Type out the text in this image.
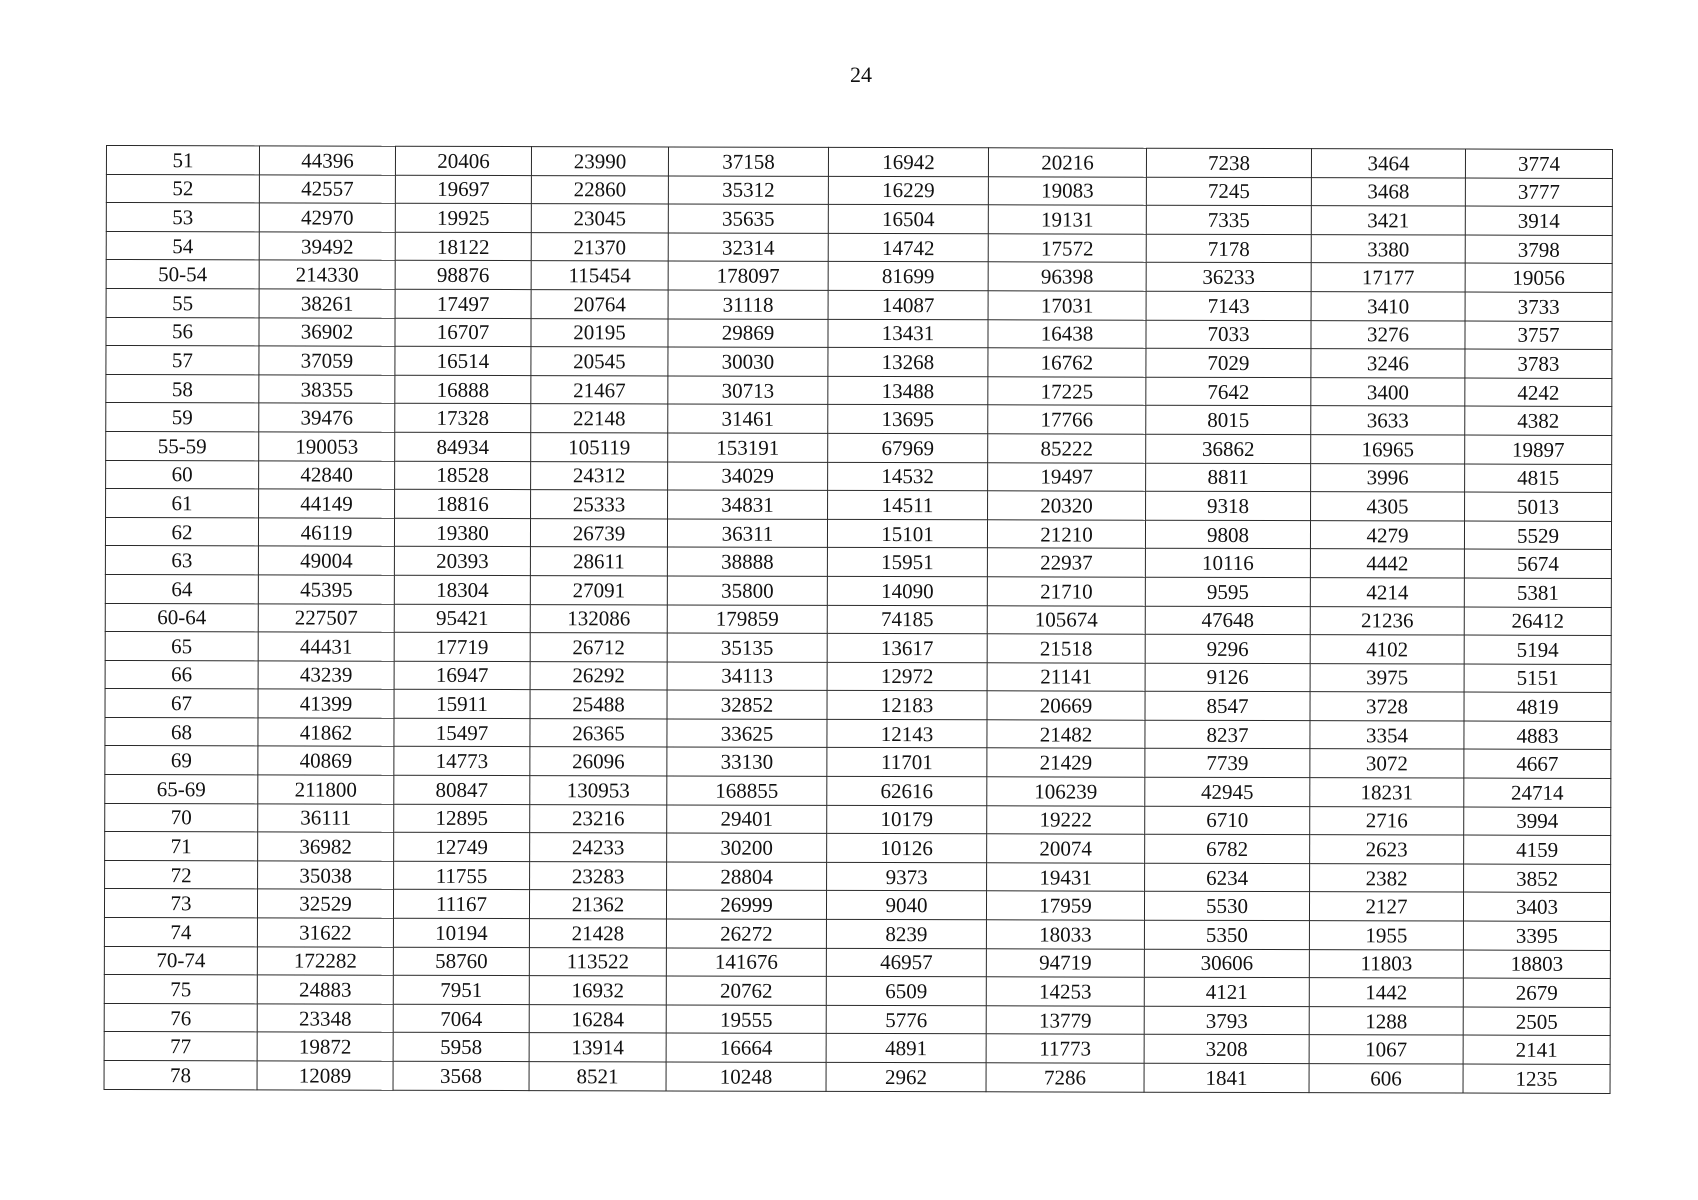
24
51	44396	20406	23990	37158	16942	20216	7238	3464	3774
52	42557	19697	22860	35312	16229	19083	7245	3468	3777
53	42970	19925	23045	35635	16504	19131	7335	3421	3914
54	39492	18122	21370	32314	14742	17572	7178	3380	3798
50-54	214330	98876	115454	178097	81699	96398	36233	17177	19056
55	38261	17497	20764	31118	14087	17031	7143	3410	3733
56	36902	16707	20195	29869	13431	16438	7033	3276	3757
57	37059	16514	20545	30030	13268	16762	7029	3246	3783
58	38355	16888	21467	30713	13488	17225	7642	3400	4242
59	39476	17328	22148	31461	13695	17766	8015	3633	4382
55-59	190053	84934	105119	153191	67969	85222	36862	16965	19897
60	42840	18528	24312	34029	14532	19497	8811	3996	4815
61	44149	18816	25333	34831	14511	20320	9318	4305	5013
62	46119	19380	26739	36311	15101	21210	9808	4279	5529
63	49004	20393	28611	38888	15951	22937	10116	4442	5674
64	45395	18304	27091	35800	14090	21710	9595	4214	5381
60-64	227507	95421	132086	179859	74185	105674	47648	21236	26412
65	44431	17719	26712	35135	13617	21518	9296	4102	5194
66	43239	16947	26292	34113	12972	21141	9126	3975	5151
67	41399	15911	25488	32852	12183	20669	8547	3728	4819
68	41862	15497	26365	33625	12143	21482	8237	3354	4883
69	40869	14773	26096	33130	11701	21429	7739	3072	4667
65-69	211800	80847	130953	168855	62616	106239	42945	18231	24714
70	36111	12895	23216	29401	10179	19222	6710	2716	3994
71	36982	12749	24233	30200	10126	20074	6782	2623	4159
72	35038	11755	23283	28804	9373	19431	6234	2382	3852
73	32529	11167	21362	26999	9040	17959	5530	2127	3403
74	31622	10194	21428	26272	8239	18033	5350	1955	3395
70-74	172282	58760	113522	141676	46957	94719	30606	11803	18803
75	24883	7951	16932	20762	6509	14253	4121	1442	2679
76	23348	7064	16284	19555	5776	13779	3793	1288	2505
77	19872	5958	13914	16664	4891	11773	3208	1067	2141
78	12089	3568	8521	10248	2962	7286	1841	606	1235
